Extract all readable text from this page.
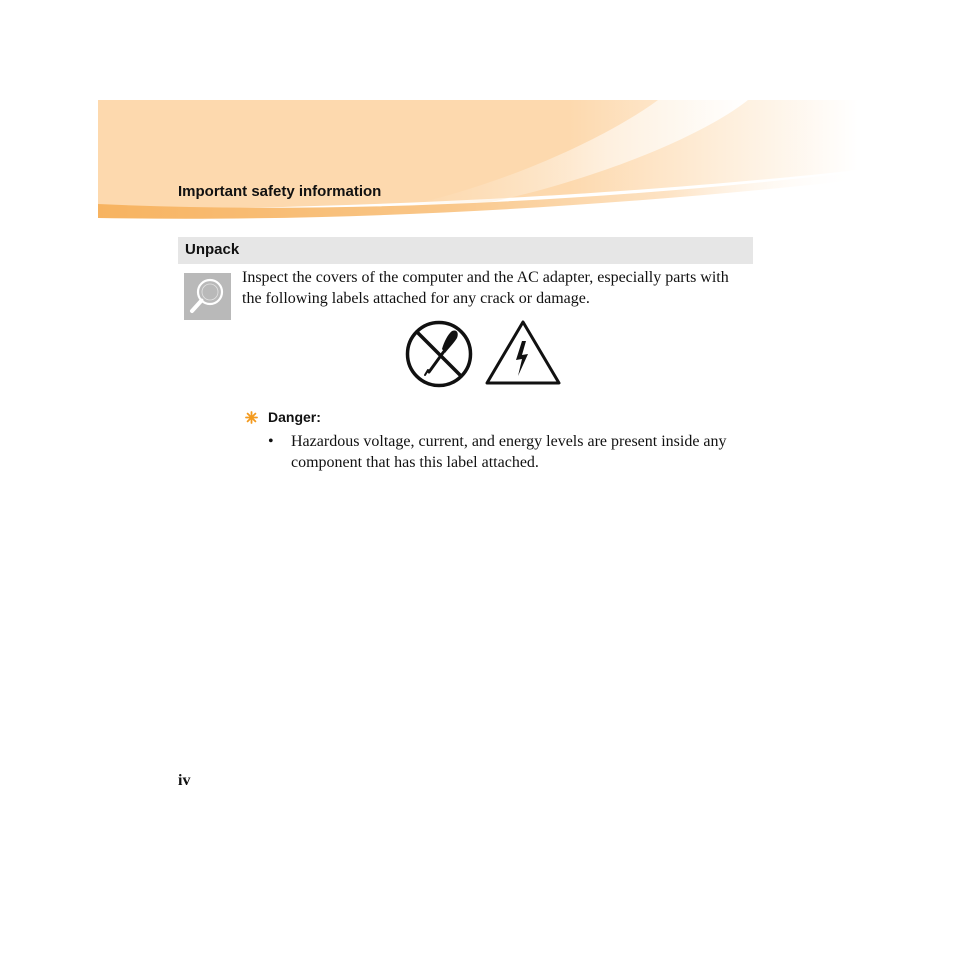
Important safety information
Unpack

Inspect the covers of the computer and the AC adapter, especially parts with the following labels attached for any crack or damage.

Danger:
• Hazardous voltage, current, and energy levels are present inside any component that has this label attached.

iv
